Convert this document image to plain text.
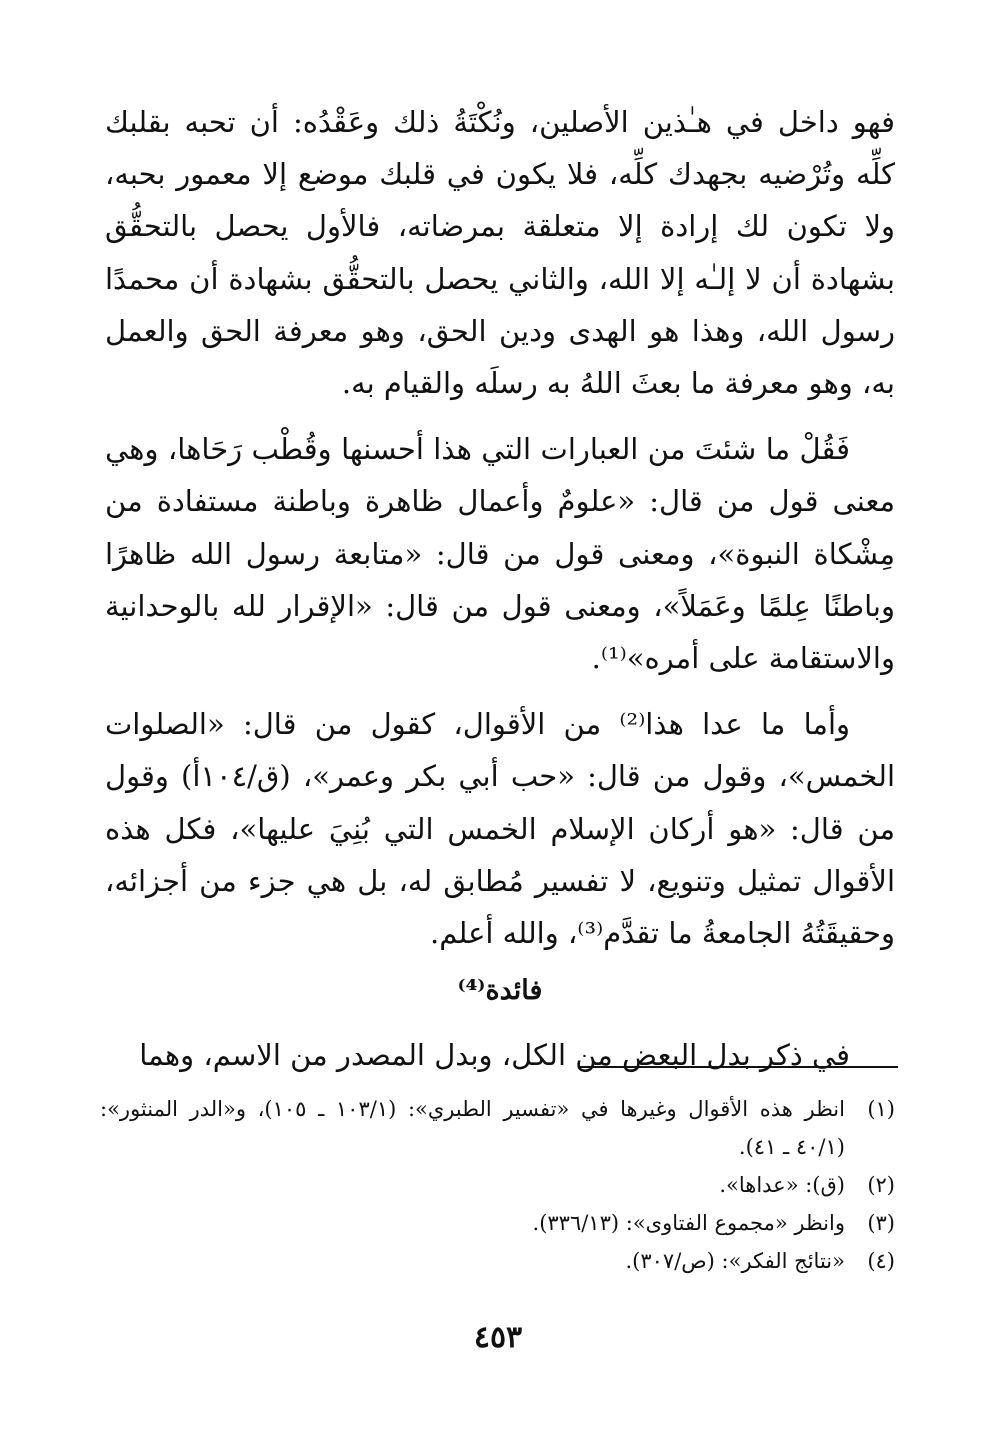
فهو داخل في هـٰذين الأصلين، ونُكْتَةُ ذلك وعَقْدُه: أن تحبه بقلبك كلِّه وتُرْضيه بجهدك كلِّه، فلا يكون في قلبك موضع إلا معمور بحبه، ولا تكون لك إرادة إلا متعلقة بمرضاته، فالأول يحصل بالتحقُّق بشهادة أن لا إلـٰه إلا الله، والثاني يحصل بالتحقُّق بشهادة أن محمدًا رسول الله، وهذا هو الهدى ودين الحق، وهو معرفة الحق والعمل به، وهو معرفة ما بعثَ اللهُ به رسلَه والقيام به.

فَقُلْ ما شئتَ من العبارات التي هذا أحسنها وقُطْب رَحَاها، وهي معنى قول من قال: «علومٌ وأعمال ظاهرة وباطنة مستفادة من مِشْكاة النبوة»، ومعنى قول من قال: «متابعة رسول الله ظاهرًا وباطنًا عِلمًا وعَمَلاً»، ومعنى قول من قال: «الإقرار لله بالوحدانية والاستقامة على أمره»⁽¹⁾.

وأما ما عدا هذا⁽²⁾ من الأقوال، كقول من قال: «الصلوات الخمس»، وقول من قال: «حب أبي بكر وعمر»، (ق/١٠٤أ) وقول من قال: «هو أركان الإسلام الخمس التي بُنِيَ عليها»، فكل هذه الأقوال تمثيل وتنويع، لا تفسير مُطابق له، بل هي جزء من أجزائه، وحقيقَتُهُ الجامعةُ ما تقدَّم⁽³⁾، والله أعلم.

فائدة⁽⁴⁾

في ذكر بدل البعض من الكل، وبدل المصدر من الاسم، وهما

(١)
انظر هذه الأقوال وغيرها في «تفسير الطبري»: (١٠٣/١ ـ ١٠٥)، و«الدر المنثور»: (٤٠/١ ـ ٤١).
(٢)
(ق): «عداها».
(٣)
وانظر «مجموع الفتاوى»: (٣٣٦/١٣).
(٤)
«نتائج الفكر»: (ص/٣٠٧).
٤٥٣
